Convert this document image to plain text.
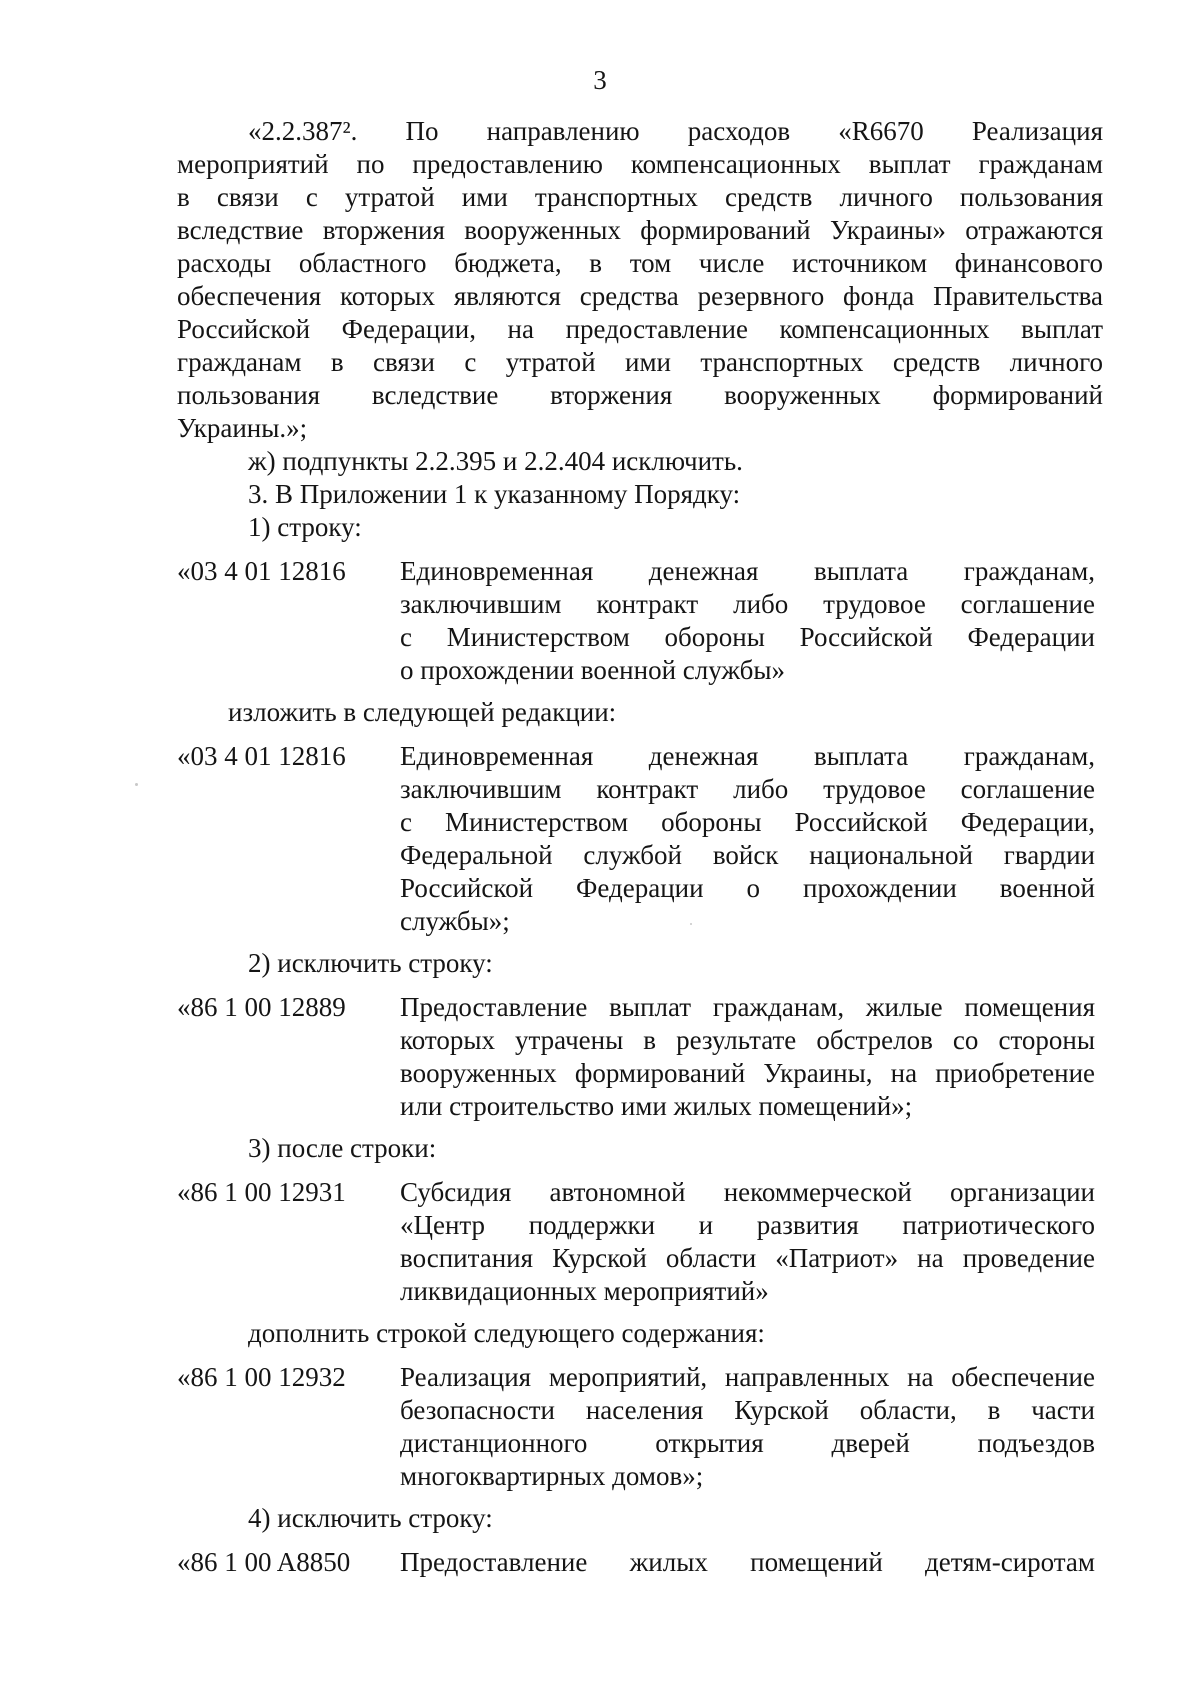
3
«2.2.387². По направлению расходов «R6670 Реализация
мероприятий по предоставлению компенсационных выплат гражданам
в связи с утратой ими транспортных средств личного пользования
вследствие вторжения вооруженных формирований Украины» отражаются
расходы областного бюджета, в том числе источником финансового
обеспечения которых являются средства резервного фонда Правительства
Российской Федерации, на предоставление компенсационных выплат
гражданам в связи с утратой ими транспортных средств личного
пользования вследствие вторжения вооруженных формирований
Украины.»;
ж) подпункты 2.2.395 и 2.2.404 исключить.
3. В Приложении 1 к указанному Порядку:
1) строку:
«03 4 01 12816 Единовременная денежная выплата гражданам,
заключившим контракт либо трудовое соглашение
с Министерством обороны Российской Федерации
о прохождении военной службы»
изложить в следующей редакции:
«03 4 01 12816 Единовременная денежная выплата гражданам,
заключившим контракт либо трудовое соглашение
с Министерством обороны Российской Федерации,
Федеральной службой войск национальной гвардии
Российской Федерации о прохождении военной
службы»;
2) исключить строку:
«86 1 00 12889 Предоставление выплат гражданам, жилые помещения
которых утрачены в результате обстрелов со стороны
вооруженных формирований Украины, на приобретение
или строительство ими жилых помещений»;
3) после строки:
«86 1 00 12931 Субсидия автономной некоммерческой организации
«Центр поддержки и развития патриотического
воспитания Курской области «Патриот» на проведение
ликвидационных мероприятий»
дополнить строкой следующего содержания:
«86 1 00 12932 Реализация мероприятий, направленных на обеспечение
безопасности населения Курской области, в части
дистанционного открытия дверей подъездов
многоквартирных домов»;
4) исключить строку:
«86 1 00 A8850 Предоставление жилых помещений детям-сиротам
